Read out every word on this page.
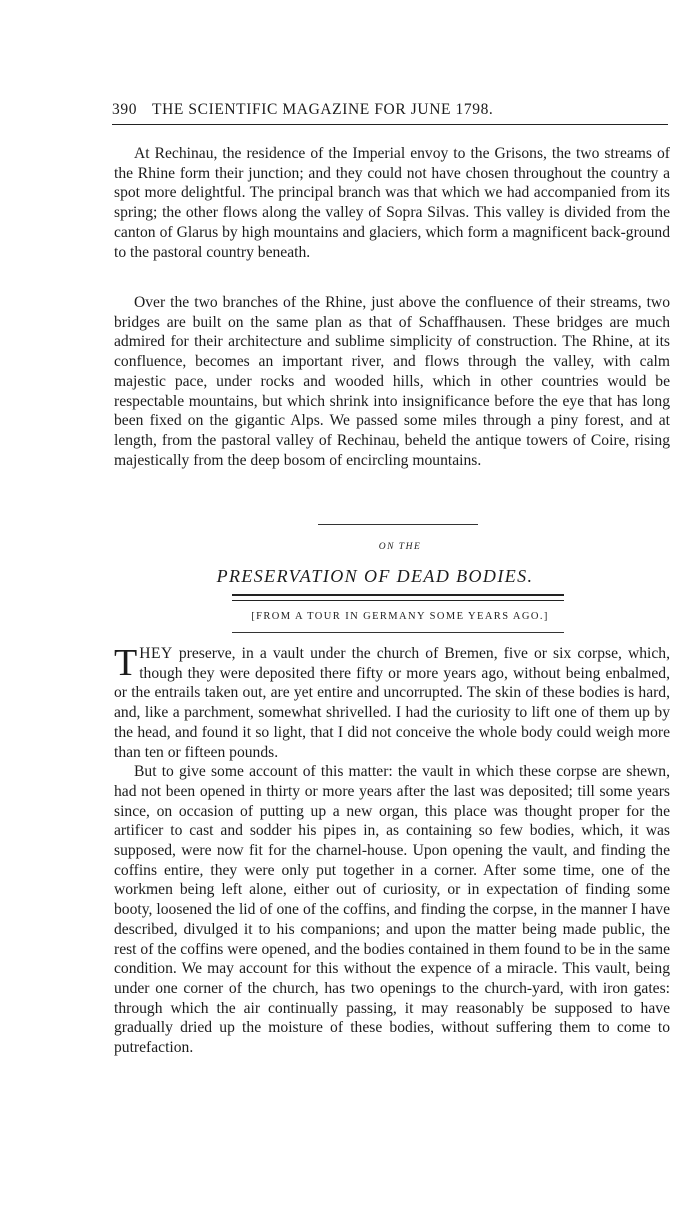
390 THE SCIENTIFIC MAGAZINE FOR JUNE 1798.

At Rechinau, the residence of the Imperial envoy to the Grisons, the two streams of the Rhine form their junction; and they could not have chosen throughout the country a spot more delightful. The principal branch was that which we had accompanied from its spring; the other flows along the valley of Sopra Silvas. This valley is divided from the canton of Glarus by high mountains and glaciers, which form a magnificent back-ground to the pastoral country beneath.

Over the two branches of the Rhine, just above the confluence of their streams, two bridges are built on the same plan as that of Schaffhausen. These bridges are much admired for their architecture and sublime simplicity of construction. The Rhine, at its confluence, becomes an important river, and flows through the valley, with calm majestic pace, under rocks and wooded hills, which in other countries would be respectable mountains, but which shrink into insignificance before the eye that has long been fixed on the gigantic Alps. We passed some miles through a piny forest, and at length, from the pastoral valley of Rechinau, beheld the antique towers of Coire, rising majestically from the deep bosom of encircling mountains.

ON THE
PRESERVATION OF DEAD BODIES.
[FROM A TOUR IN GERMANY SOME YEARS AGO.]

THEY preserve, in a vault under the church of Bremen, five or six corpse, which, though they were deposited there fifty or more years ago, without being enbalmed, or the entrails taken out, are yet entire and uncorrupted. The skin of these bodies is hard, and, like a parchment, somewhat shrivelled. I had the curiosity to lift one of them up by the head, and found it so light, that I did not conceive the whole body could weigh more than ten or fifteen pounds.

But to give some account of this matter: the vault in which these corpse are shewn, had not been opened in thirty or more years after the last was deposited; till some years since, on occasion of putting up a new organ, this place was thought proper for the artificer to cast and sodder his pipes in, as containing so few bodies, which, it was supposed, were now fit for the charnel-house. Upon opening the vault, and finding the coffins entire, they were only put together in a corner. After some time, one of the workmen being left alone, either out of curiosity, or in expectation of finding some booty, loosened the lid of one of the coffins, and finding the corpse, in the manner I have described, divulged it to his companions; and upon the matter being made public, the rest of the coffins were opened, and the bodies contained in them found to be in the same condition. We may account for this without the expence of a miracle. This vault, being under one corner of the church, has two openings to the church-yard, with iron gates: through which the air continually passing, it may reasonably be supposed to have gradually dried up the moisture of these bodies, without suffering them to come to putrefaction.
